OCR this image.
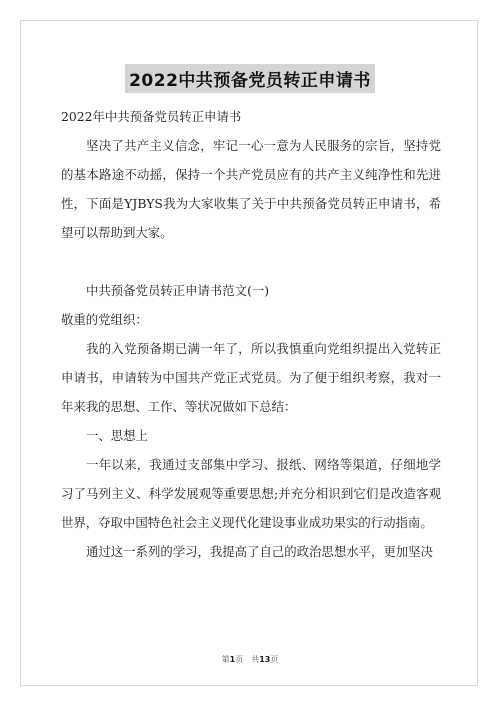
2022中共预备党员转正申请书

2022年中共预备党员转正申请书

坚决了共产主义信念，牢记一心一意为人民服务的宗旨，坚持党的基本路途不动摇，保持一个共产党员应有的共产主义纯净性和先进性，下面是YJBYS我为大家收集了关于中共预备党员转正申请书，希望可以帮助到大家。

中共预备党员转正申请书范文(一)

敬重的党组织：

我的入党预备期已满一年了，所以我慎重向党组织提出入党转正申请书，申请转为中国共产党正式党员。为了便于组织考察，我对一年来我的思想、工作、等状况做如下总结：

一、思想上

一年以来，我通过支部集中学习、报纸、网络等渠道，仔细地学习了马列主义、科学发展观等重要思想;并充分相识到它们是改造客观世界，夺取中国特色社会主义现代化建设事业成功果实的行动指南。

通过这一系列的学习，我提高了自己的政治思想水平，更加坚决

第1页　共13页
